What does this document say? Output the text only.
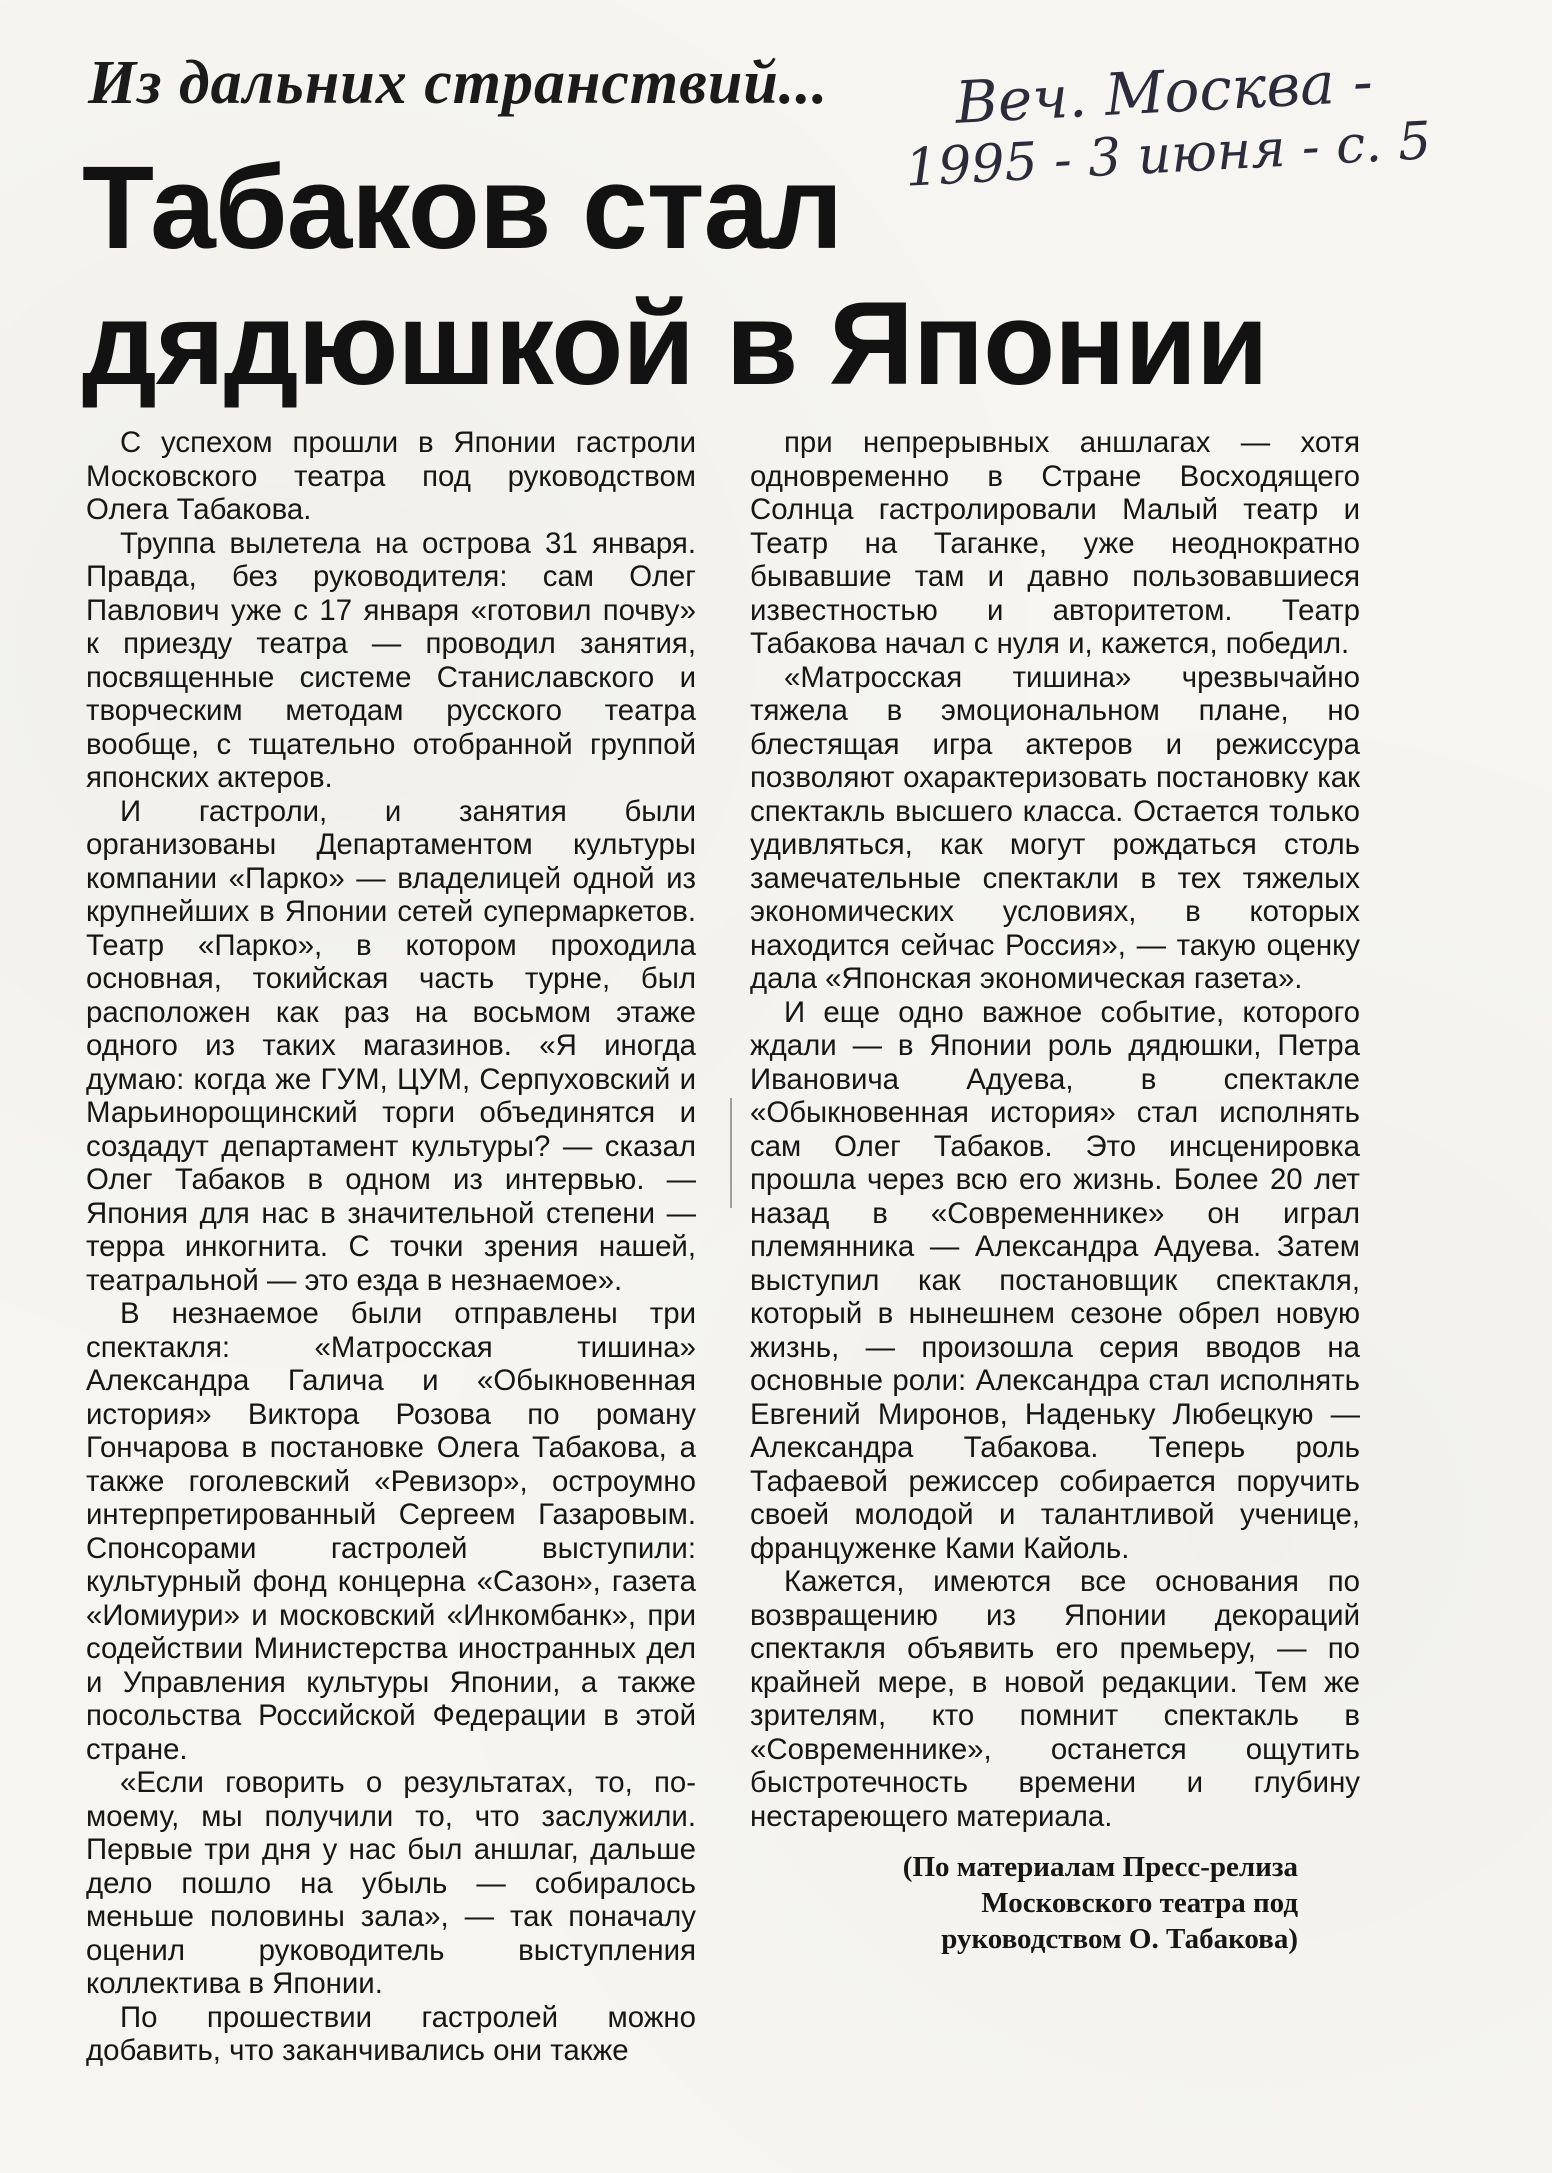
Из дальних странствий... Веч. Москва -
1995 - 3 июня - с. 5
Табаков стал
дядюшкой в Японии

С успехом прошли в Японии гастроли Московского театра под руководством Олега Табакова.

Труппа вылетела на острова 31 января. Правда, без руководителя: сам Олег Павлович уже с 17 января «готовил почву» к приезду театра — проводил занятия, посвященные системе Станиславского и творческим методам русского театра вообще, с тщательно отобранной группой японских актеров.

И гастроли, и занятия были организованы Департаментом культуры компании «Парко» — владелицей одной из крупнейших в Японии сетей супермаркетов. Театр «Парко», в котором проходила основная, токийская часть турне, был расположен как раз на восьмом этаже одного из таких магазинов. «Я иногда думаю: когда же ГУМ, ЦУМ, Серпуховский и Марьинорощинский торги объединятся и создадут департамент культуры? — сказал Олег Табаков в одном из интервью. — Япония для нас в значительной степени — терра инкогнита. С точки зрения нашей, театральной — это езда в незнаемое».

В незнаемое были отправлены три спектакля: «Матросская тишина» Александра Галича и «Обыкновенная история» Виктора Розова по роману Гончарова в постановке Олега Табакова, а также гоголевский «Ревизор», остроумно интерпретированный Сергеем Газаровым. Спонсорами гастролей выступили: культурный фонд концерна «Сазон», газета «Иомиури» и московский «Инкомбанк», при содействии Министерства иностранных дел и Управления культуры Японии, а также посольства Российской Федерации в этой стране.

«Если говорить о результатах, то, по-моему, мы получили то, что заслужили. Первые три дня у нас был аншлаг, дальше дело пошло на убыль — собиралось меньше половины зала», — так поначалу оценил руководитель выступления коллектива в Японии.

По прошествии гастролей можно добавить, что заканчивались они также

при непрерывных аншлагах — хотя одновременно в Стране Восходящего Солнца гастролировали Малый театр и Театр на Таганке, уже неоднократно бывавшие там и давно пользовавшиеся известностью и авторитетом. Театр Табакова начал с нуля и, кажется, победил.

«Матросская тишина» чрезвычайно тяжела в эмоциональном плане, но блестящая игра актеров и режиссура позволяют охарактеризовать постановку как спектакль высшего класса. Остается только удивляться, как могут рождаться столь замечательные спектакли в тех тяжелых экономических условиях, в которых находится сейчас Россия», — такую оценку дала «Японская экономическая газета».

И еще одно важное событие, которого ждали — в Японии роль дядюшки, Петра Ивановича Адуева, в спектакле «Обыкновенная история» стал исполнять сам Олег Табаков. Это инсценировка прошла через всю его жизнь. Более 20 лет назад в «Современнике» он играл племянника — Александра Адуева. Затем выступил как постановщик спектакля, который в нынешнем сезоне обрел новую жизнь, — произошла серия вводов на основные роли: Александра стал исполнять Евгений Миронов, Наденьку Любецкую — Александра Табакова. Теперь роль Тафаевой режиссер собирается поручить своей молодой и талантливой ученице, француженке Ками Кайоль.

Кажется, имеются все основания по возвращению из Японии декораций спектакля объявить его премьеру, — по крайней мере, в новой редакции. Тем же зрителям, кто помнит спектакль в «Современнике», останется ощутить быстротечность времени и глубину нестареющего материала.

(По материалам Пресс-релиза
Московского театра под
руководством О. Табакова)
